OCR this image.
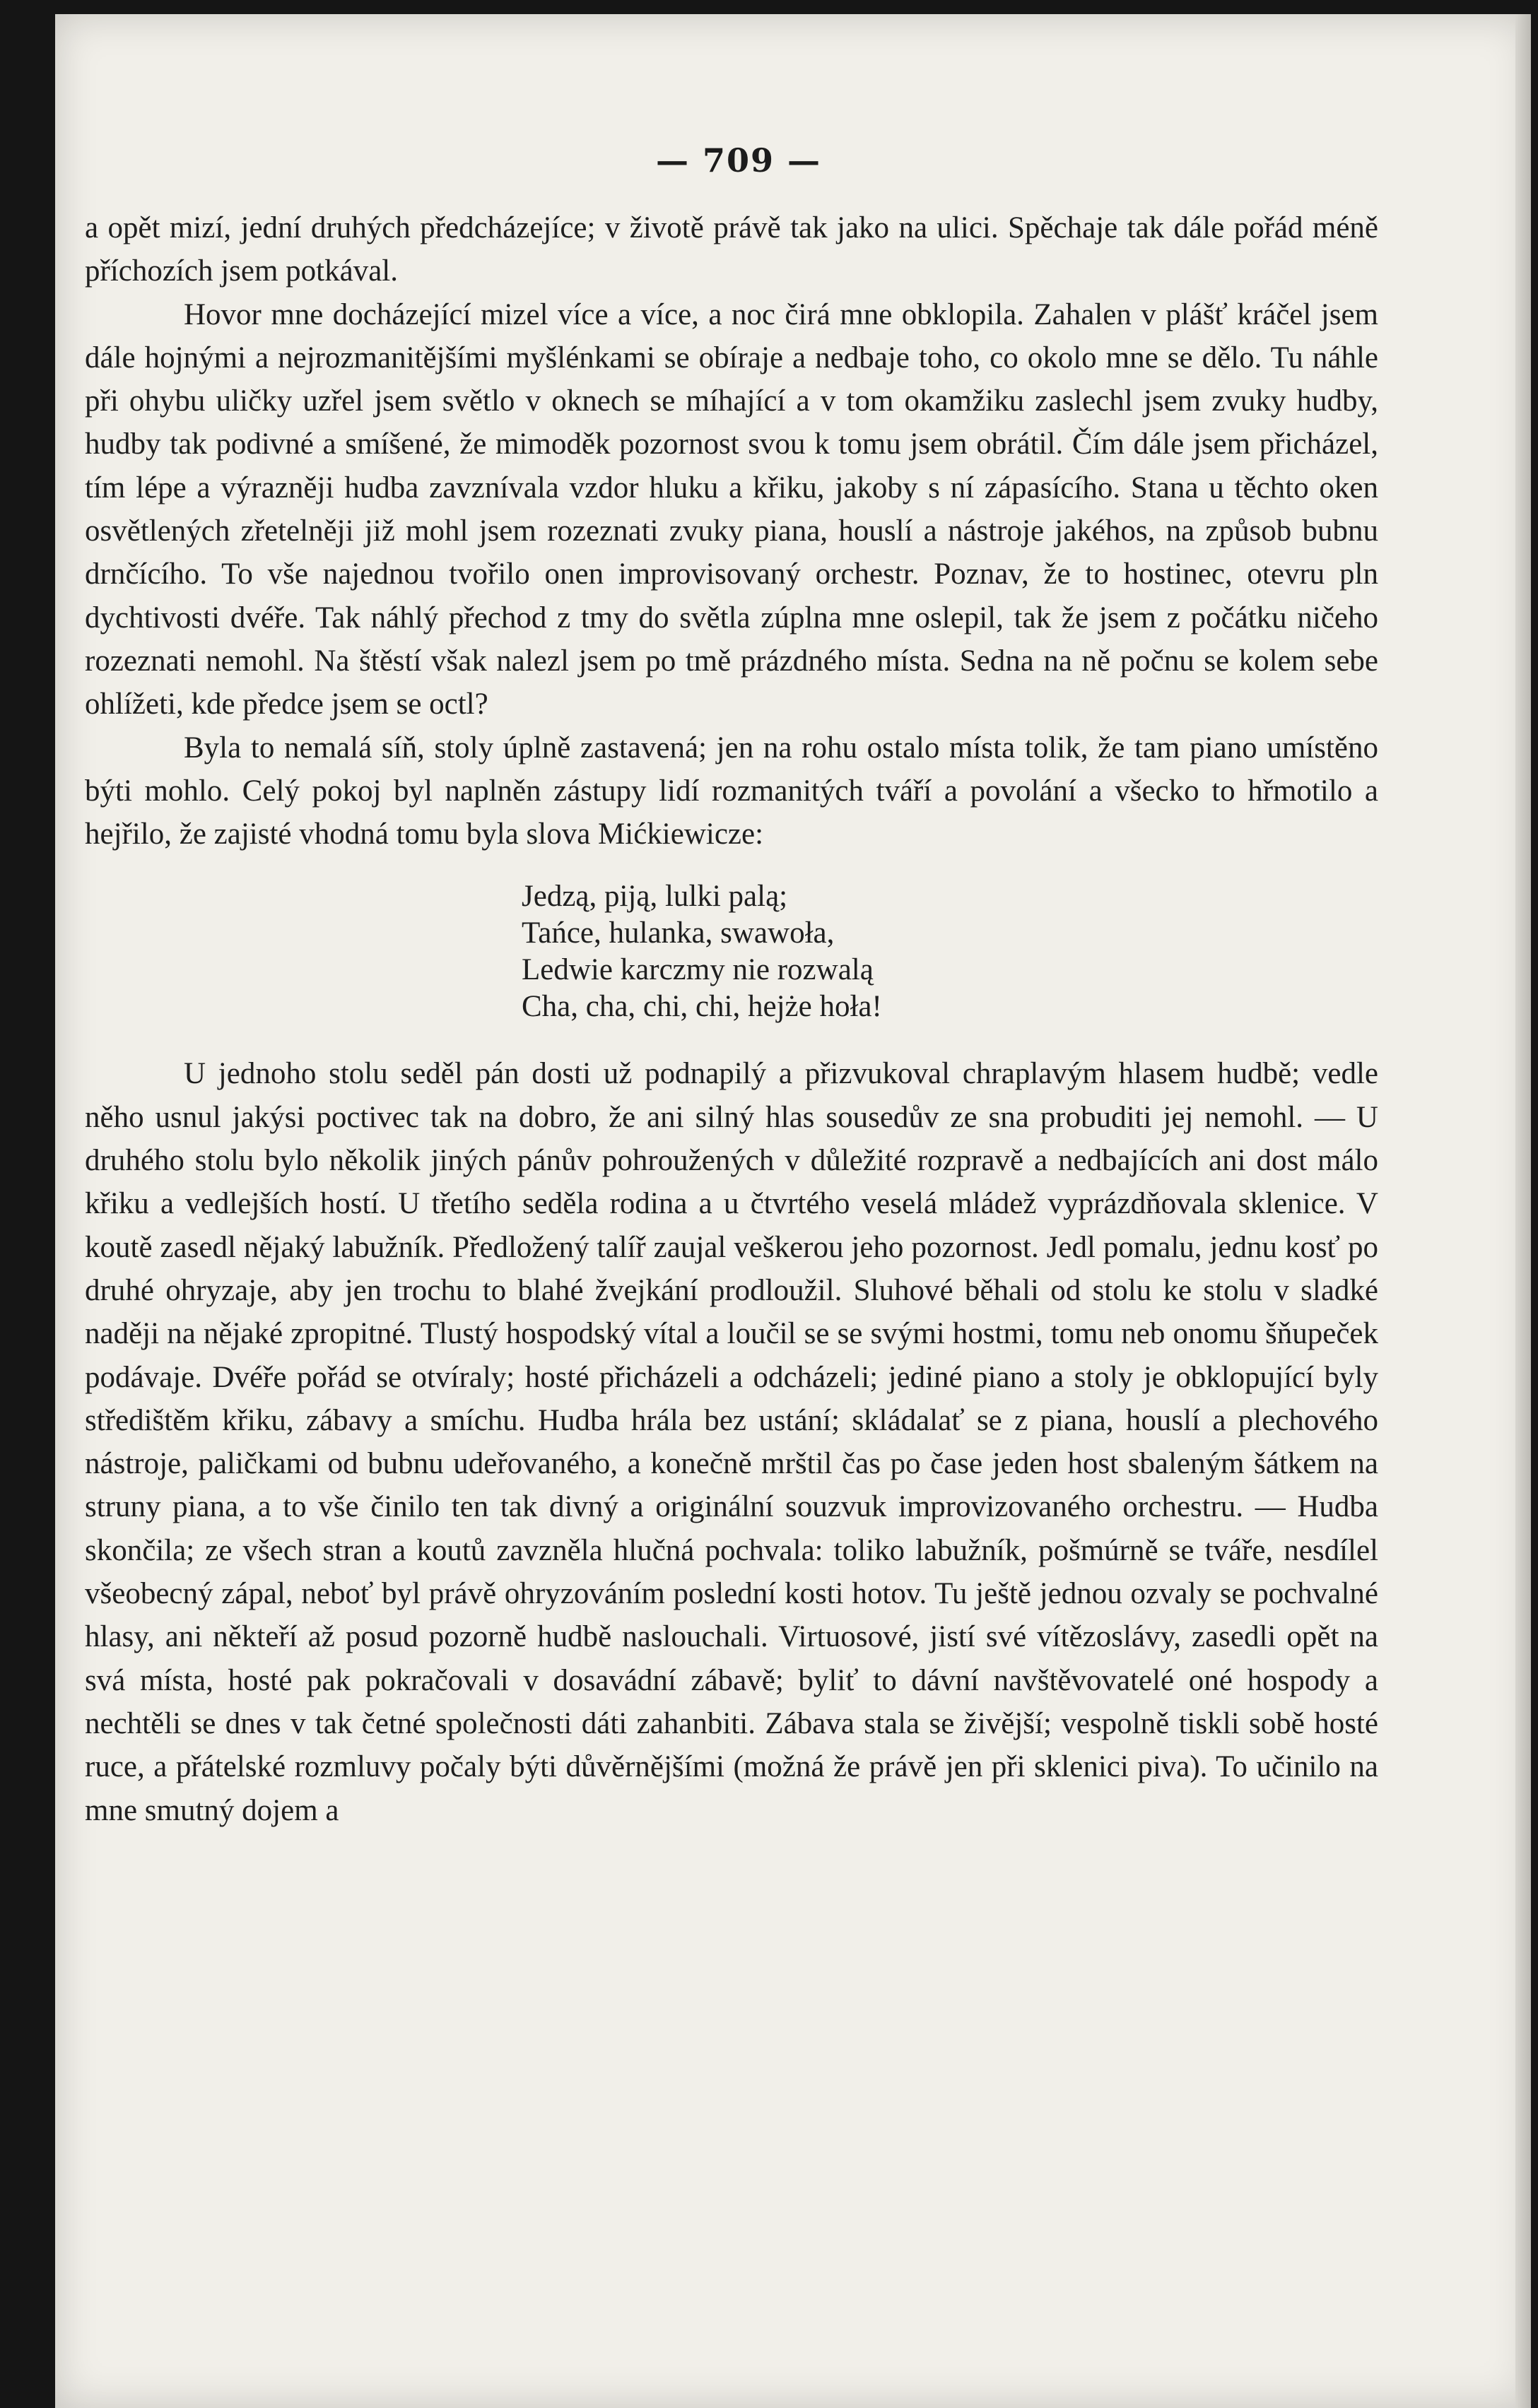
— 709 —

a opět mizí, jední druhých předcházejíce; v životě právě tak jako na ulici. Spěchaje tak dále pořád méně příchozích jsem potkával.

Hovor mne docházející mizel více a více, a noc čirá mne obklopila. Zahalen v plášť kráčel jsem dále hojnými a nejrozmanitějšími myšlénkami se obíraje a nedbaje toho, co okolo mne se dělo. Tu náhle při ohybu uličky uzřel jsem světlo v oknech se míhající a v tom okamžiku zaslechl jsem zvuky hudby, hudby tak podivné a smíšené, že mimoděk pozornost svou k tomu jsem obrátil. Čím dále jsem přicházel, tím lépe a výrazněji hudba zavznívala vzdor hluku a křiku, jakoby s ní zápasícího. Stana u těchto oken osvětlených zřetelněji již mohl jsem rozeznati zvuky piana, houslí a nástroje jakéhos, na způsob bubnu drnčícího. To vše najednou tvořilo onen improvisovaný orchestr. Poznav, že to hostinec, otevru pln dychtivosti dvéře. Tak náhlý přechod z tmy do světla zúplna mne oslepil, tak že jsem z počátku ničeho rozeznati nemohl. Na štěstí však nalezl jsem po tmě prázdného místa. Sedna na ně počnu se kolem sebe ohlížeti, kde předce jsem se octl?

Byla to nemalá síň, stoly úplně zastavená; jen na rohu ostalo místa tolik, že tam piano umístěno býti mohlo. Celý pokoj byl naplněn zástupy lidí rozmanitých tváří a povolání a všecko to hřmotilo a hejřilo, že zajisté vhodná tomu byla slova Mićkiewicze:

Jedzą, piją, lulki palą;
Tańce, hulanka, swawoła,
Ledwie karczmy nie rozwalą
Cha, cha, chi, chi, hejże hoła!

U jednoho stolu seděl pán dosti už podnapilý a přizvukoval chraplavým hlasem hudbě; vedle něho usnul jakýsi poctivec tak na dobro, že ani silný hlas sousedův ze sna probuditi jej nemohl. — U druhého stolu bylo několik jiných pánův pohroužených v důležité rozpravě a nedbajících ani dost málo křiku a vedlejších hostí. U třetího seděla rodina a u čtvrtého veselá mládež vyprázdňovala sklenice. V koutě zasedl nějaký labužník. Předložený talíř zaujal veškerou jeho pozornost. Jedl pomalu, jednu kosť po druhé ohryzaje, aby jen trochu to blahé žvejkání prodloužil. Sluhové běhali od stolu ke stolu v sladké naději na nějaké zpropitné. Tlustý hospodský vítal a loučil se se svými hostmi, tomu neb onomu šňupeček podávaje. Dvéře pořád se otvíraly; hosté přicházeli a odcházeli; jediné piano a stoly je obklopující byly středištěm křiku, zábavy a smíchu. Hudba hrála bez ustání; skládalať se z piana, houslí a plechového nástroje, paličkami od bubnu udeřovaného, a konečně mrštil čas po čase jeden host sbaleným šátkem na struny piana, a to vše činilo ten tak divný a originální souzvuk improvizovaného orchestru. — Hudba skončila; ze všech stran a koutů zavzněla hlučná pochvala: toliko labužník, pošmúrně se tváře, nesdílel všeobecný zápal, neboť byl právě ohryzováním poslední kosti hotov. Tu ještě jednou ozvaly se pochvalné hlasy, ani někteří až posud pozorně hudbě naslouchali. Virtuosové, jistí své vítězoslávy, zasedli opět na svá místa, hosté pak pokračovali v dosavádní zábavě; byliť to dávní navštěvovatelé oné hospody a nechtěli se dnes v tak četné společnosti dáti zahanbiti. Zábava stala se živější; vespolně tiskli sobě hosté ruce, a přátelské rozmluvy počaly býti důvěrnějšími (možná že právě jen při sklenici piva). To učinilo na mne smutný dojem a
